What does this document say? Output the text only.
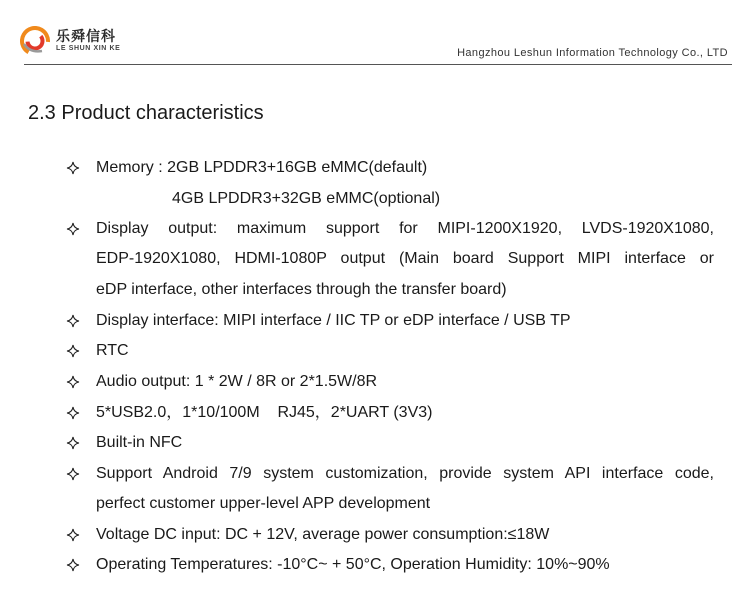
乐舜信科
LE SHUN XIN KE	Hangzhou Leshun Information Technology Co., LTD
2.3 Product characteristics
Memory : 2GB LPDDR3+16GB eMMC(default)
4GB LPDDR3+32GB eMMC(optional)
Display output: maximum support for MIPI-1200X1920, LVDS-1920X1080,
EDP-1920X1080, HDMI-1080P output (Main board Support MIPI interface or
eDP interface, other interfaces through the transfer board)
Display interface: MIPI interface / IIC TP or eDP interface / USB TP
RTC
Audio output: 1 * 2W / 8R or 2*1.5W/8R
5*USB2.0，1*10/100M    RJ45，2*UART (3V3)
Built-in NFC
Support Android 7/9 system customization, provide system API interface code,
perfect customer upper-level APP development
Voltage DC input: DC + 12V, average power consumption:≤18W
Operating Temperatures: -10°C~ + 50°C, Operation Humidity: 10%~90%
